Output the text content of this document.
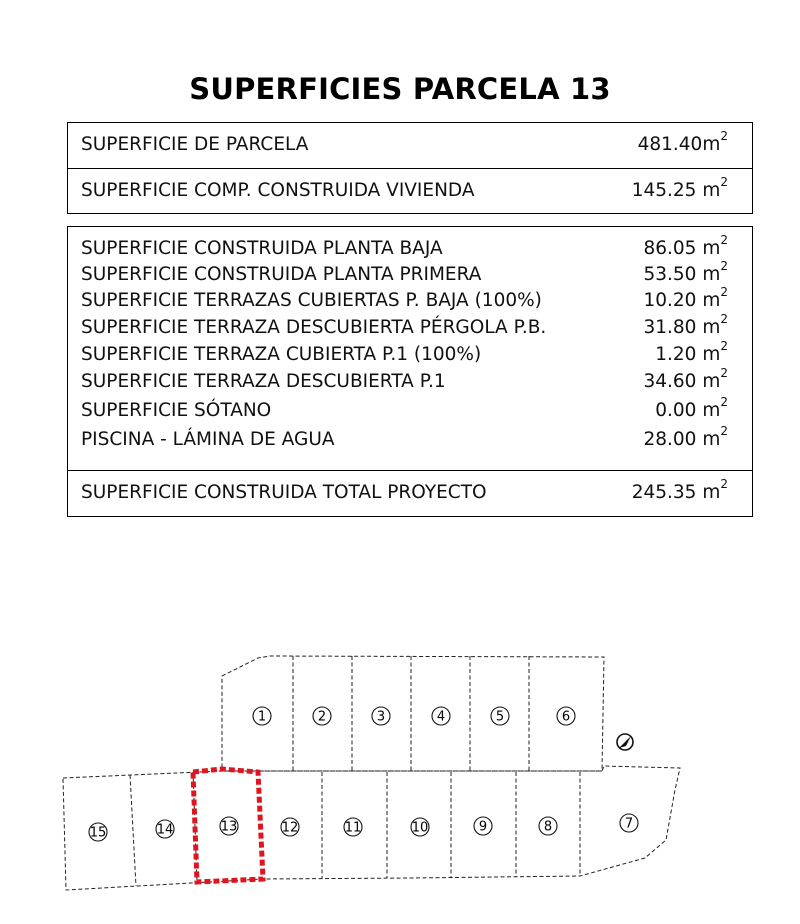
SUPERFICIES PARCELA 13
SUPERFICIE DE PARCELA	$481.40m^2$
SUPERFICIE COMP. CONSTRUIDA VIVIENDA	145.25 $m^2$
SUPERFICIE CONSTRUIDA PLANTA BAJA	86.05 $m^2$
SUPERFICIE CONSTRUIDA PLANTA PRIMERA	53.50 $m^2$
SUPERFICIE TERRAZAS CUBIERTAS P. BAJA (100%)	10.20 $m^2$
SUPERFICIE TERRAZA DESCUBIERTA PÉRGOLA P.B.	31.80 $m^2$
SUPERFICIE TERRAZA CUBIERTA P.1 (100%)	1.20 $m^2$
SUPERFICIE TERRAZA DESCUBIERTA P.1	34.60 $m^2$
SUPERFICIE SÓTANO	0.00 $m^2$
PISCINA - LÁMINA DE AGUA	28.00 $m^2$
SUPERFICIE CONSTRUIDA TOTAL PROYECTO	245.35 $m^2$
1	2	3	4	5	6
15	14	13	12	11	10	9	8	7
